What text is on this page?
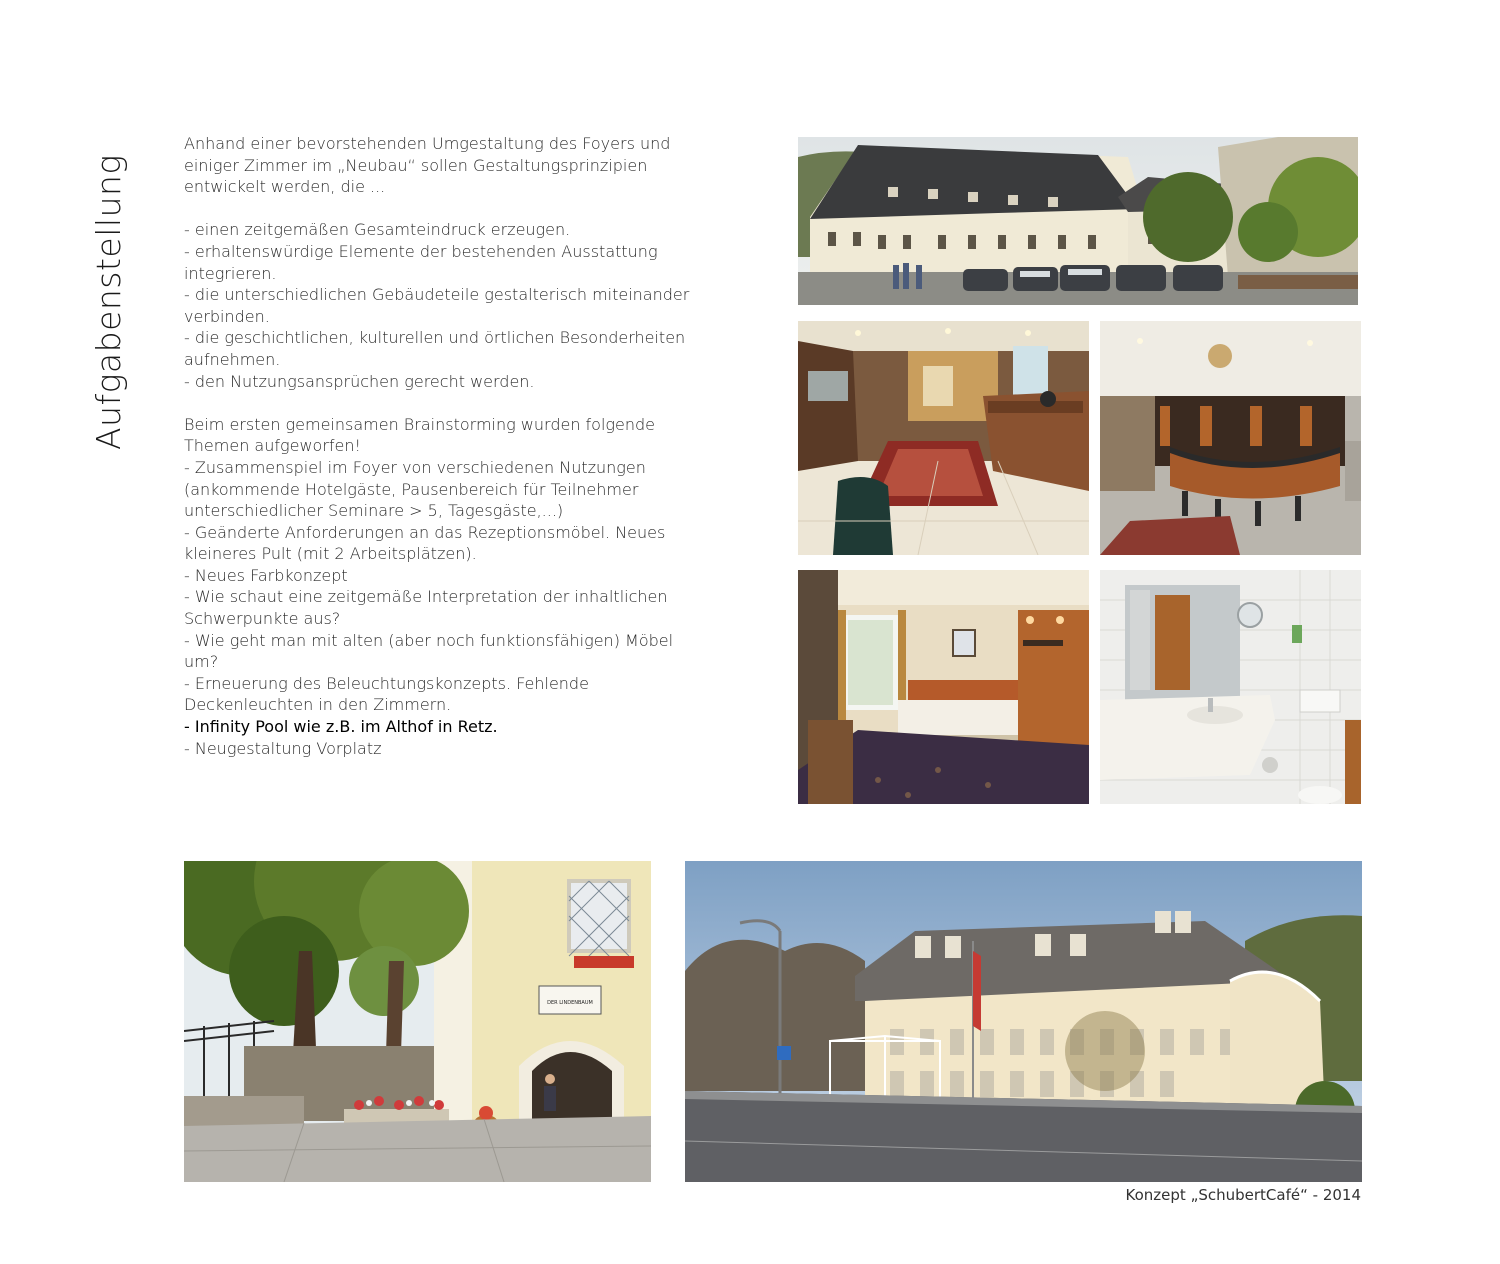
Aufgabenstellung
Anhand einer bevorstehenden Umgestaltung des Foyers und
einiger Zimmer im „Neubau“ sollen Gestaltungsprinzipien
entwickelt werden, die ...
- einen zeitgemäßen Gesamteindruck erzeugen.
- erhaltenswürdige Elemente der bestehenden Ausstattung
integrieren.
- die unterschiedlichen Gebäudeteile gestalterisch miteinander
verbinden.
- die geschichtlichen, kulturellen und örtlichen Besonderheiten
aufnehmen.
- den Nutzungsansprüchen gerecht werden.
Beim ersten gemeinsamen Brainstorming wurden folgende
Themen aufgeworfen!
- Zusammenspiel im Foyer von verschiedenen Nutzungen
(ankommende Hotelgäste, Pausenbereich für Teilnehmer
unterschiedlicher Seminare > 5, Tagesgäste,...)
- Geänderte Anforderungen an das Rezeptionsmöbel. Neues
kleineres Pult (mit 2 Arbeitsplätzen).
- Neues Farbkonzept
- Wie schaut eine zeitgemäße Interpretation der inhaltlichen
Schwerpunkte aus?
- Wie geht man mit alten (aber noch funktionsfähigen) Möbel
um?
- Erneuerung des Beleuchtungskonzepts. Fehlende
Deckenleuchten in den Zimmern.
- Infinity Pool wie z.B. im Althof in Retz.
- Neugestaltung Vorplatz
DER LINDENBAUM
Konzept „SchubertCafé“ - 2014
